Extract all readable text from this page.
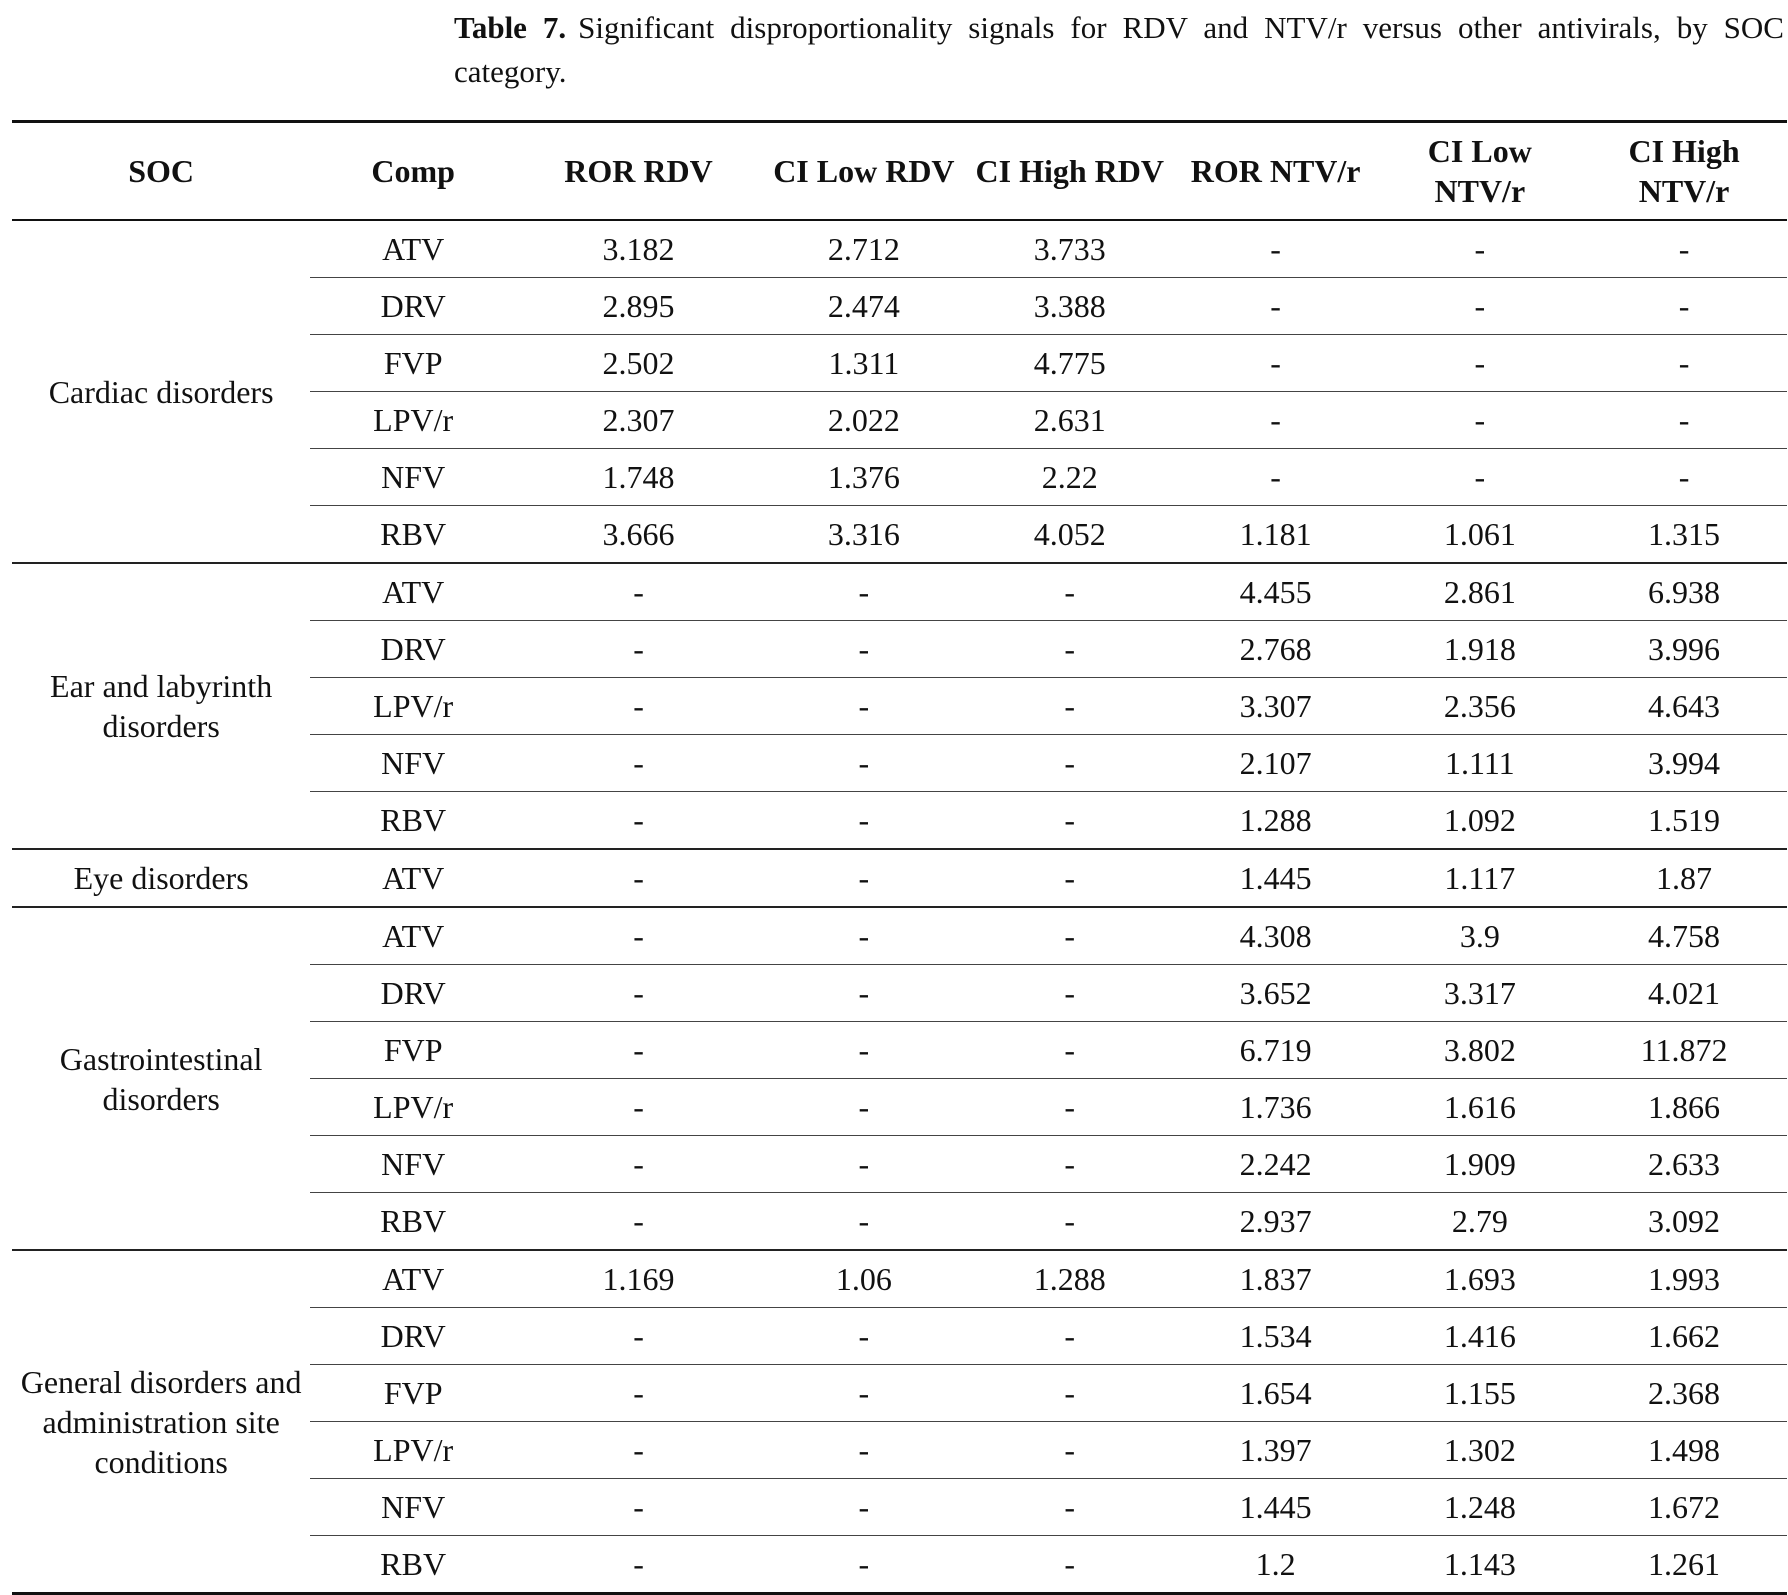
Table 7. Significant disproportionality signals for RDV and NTV/r versus other antivirals, by SOC category.
SOC	Comp	ROR RDV	CI Low RDV	CI High RDV	ROR NTV/r	CI Low NTV/r	CI High NTV/r
Cardiac disorders	ATV	3.182	2.712	3.733	-	-	-
	DRV	2.895	2.474	3.388	-	-	-
	FVP	2.502	1.311	4.775	-	-	-
	LPV/r	2.307	2.022	2.631	-	-	-
	NFV	1.748	1.376	2.22	-	-	-
	RBV	3.666	3.316	4.052	1.181	1.061	1.315
Ear and labyrinth disorders	ATV	-	-	-	4.455	2.861	6.938
	DRV	-	-	-	2.768	1.918	3.996
	LPV/r	-	-	-	3.307	2.356	4.643
	NFV	-	-	-	2.107	1.111	3.994
	RBV	-	-	-	1.288	1.092	1.519
Eye disorders	ATV	-	-	-	1.445	1.117	1.87
Gastrointestinal disorders	ATV	-	-	-	4.308	3.9	4.758
	DRV	-	-	-	3.652	3.317	4.021
	FVP	-	-	-	6.719	3.802	11.872
	LPV/r	-	-	-	1.736	1.616	1.866
	NFV	-	-	-	2.242	1.909	2.633
	RBV	-	-	-	2.937	2.79	3.092
General disorders and administration site conditions	ATV	1.169	1.06	1.288	1.837	1.693	1.993
	DRV	-	-	-	1.534	1.416	1.662
	FVP	-	-	-	1.654	1.155	2.368
	LPV/r	-	-	-	1.397	1.302	1.498
	NFV	-	-	-	1.445	1.248	1.672
	RBV	-	-	-	1.2	1.143	1.261
